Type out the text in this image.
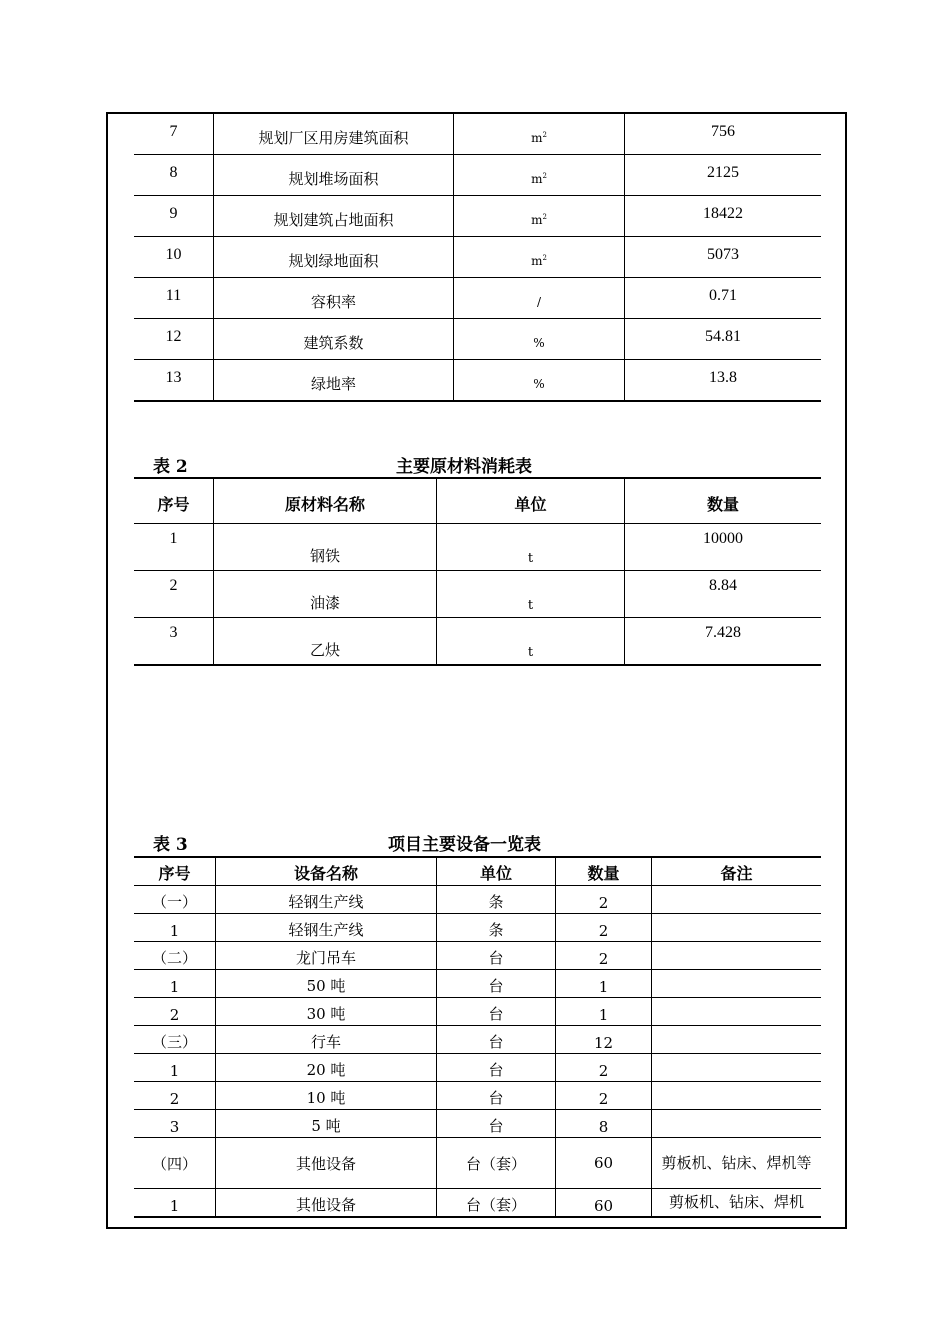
7	规划厂区用房建筑面积	$_{m^2}$	756
8	规划堆场面积	$_{m^2}$	2125
9	规划建筑占地面积	$_{m^2}$	18422
10	规划绿地面积	$_{m^2}$	5073
11	容积率	$_/$	0.71
12	建筑系数	$_{\%}$	54.81
13	绿地率	$_{\%}$	13.8
表 2	主要原材料消耗表
序号	原材料名称	单位	数量
1	钢铁	t	10000
2	油漆	t	8.84
3	乙炔	t	7.428
表 3	项目主要设备一览表
序号	设备名称	单位	数量	备注
（一）	轻钢生产线	条	2	
1	轻钢生产线	条	2	
（二）	龙门吊车	台	2	
1	50 吨	台	1	
2	30 吨	台	1	
（三）	行车	台	12	
1	20 吨	台	2	
2	10 吨	台	2	
3	5 吨	台	8	
（四）	其他设备	台（套）	60	剪板机、钻床、焊机等
1	其他设备	台（套）	60	剪板机、钻床、焊机
